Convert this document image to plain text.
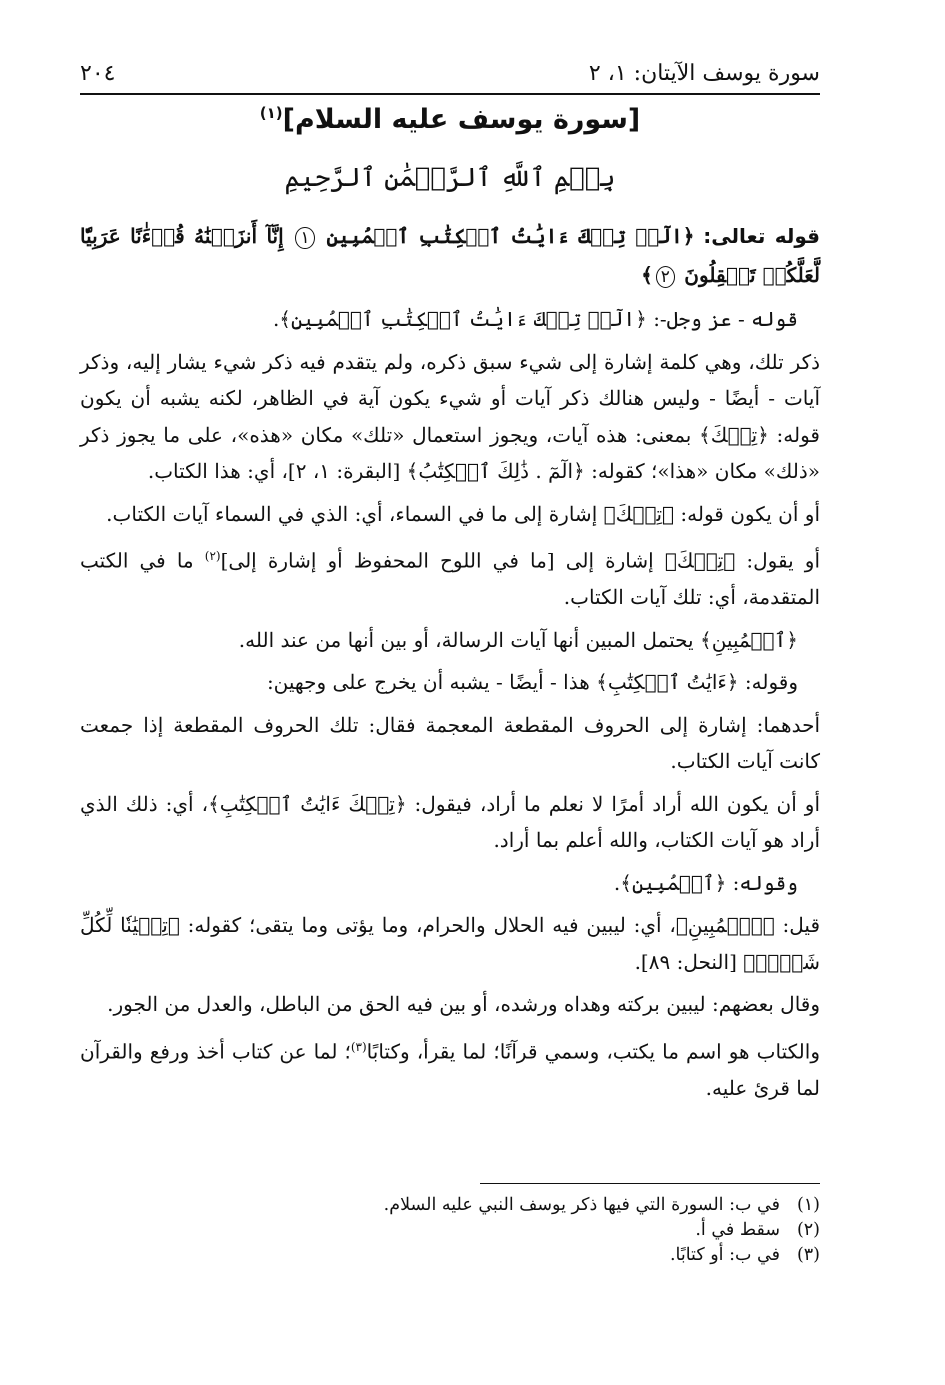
سورة يوسف الآيتان: ١، ٢
٢٠٤
[سورة يوسف عليه السلام]$^{(١)}$
بِسۡمِ ٱللَّهِ ٱلرَّحۡمَٰنِ ٱلرَّحِيمِ

قوله تعالى: ﴿الٓرۚ تِلۡكَ ءَايَٰتُ ٱلۡكِتَٰبِ ٱلۡمُبِينِ ١ إِنَّآ أَنزَلۡنَٰهُ قُرۡءَٰنًا عَرَبِيّٗا لَّعَلَّكُمۡ تَعۡقِلُونَ ٢﴾

قوله - عز وجل-: ﴿الٓرۚ تِلۡكَ ءَايَٰتُ ٱلۡكِتَٰبِ ٱلۡمُبِينِ﴾.

ذكر تلك، وهي كلمة إشارة إلى شيء سبق ذكره، ولم يتقدم فيه ذكر شيء يشار إليه، وذكر آيات - أيضًا - وليس هنالك ذكر آيات أو شيء يكون آية في الظاهر، لكنه يشبه أن يكون قوله: ﴿تِلۡكَ﴾ بمعنى: هذه آيات، ويجوز استعمال «تلك» مكان «هذه»، على ما يجوز ذكر «ذلك» مكان «هذا»؛ كقوله: ﴿الٓمٓ . ذَٰلِكَ ٱلۡكِتَٰبُ﴾ [البقرة: ١، ٢]، أي: هذا الكتاب.

أو أن يكون قوله: ﴿تِلۡكَ﴾ إشارة إلى ما في السماء، أي: الذي في السماء آيات الكتاب.

أو يقول: ﴿تِلۡكَ﴾ إشارة إلى [ما في اللوح المحفوظ أو إشارة إلى]$^{(٢)}$ ما في الكتب المتقدمة، أي: تلك آيات الكتاب.

﴿ٱلۡمُبِينِ﴾ يحتمل المبين أنها آيات الرسالة، أو بين أنها من عند الله.

وقوله: ﴿ءَايَٰتُ ٱلۡكِتَٰبِ﴾ هذا - أيضًا - يشبه أن يخرج على وجهين:

أحدهما: إشارة إلى الحروف المقطعة المعجمة فقال: تلك الحروف المقطعة إذا جمعت كانت آيات الكتاب.

أو أن يكون الله أراد أمرًا لا نعلم ما أراد، فيقول: ﴿تِلۡكَ ءَايَٰتُ ٱلۡكِتَٰبِ﴾، أي: ذلك الذي أراد هو آيات الكتاب، والله أعلم بما أراد.

وقوله: ﴿ٱلۡمُبِينِ﴾.

قيل: ﴿ٱلۡمُبِينِ﴾، أي: ليبين فيه الحلال والحرام، وما يؤتى وما يتقى؛ كقوله: ﴿تِبۡيَٰنٗا لِّكُلِّ شَيۡءٖ﴾ [النحل: ٨٩].

وقال بعضهم: ليبين بركته وهداه ورشده، أو بين فيه الحق من الباطل، والعدل من الجور.

والكتاب هو اسم ما يكتب، وسمي قرآنًا؛ لما يقرأ، وكتابًا$^{(٣)}$؛ لما عن كتاب أخذ ورفع والقرآن لما قرئ عليه.

(١)
في ب: السورة التي فيها ذكر يوسف النبي عليه السلام.
(٢)
سقط في أ.
(٣)
في ب: أو كتابًا.
